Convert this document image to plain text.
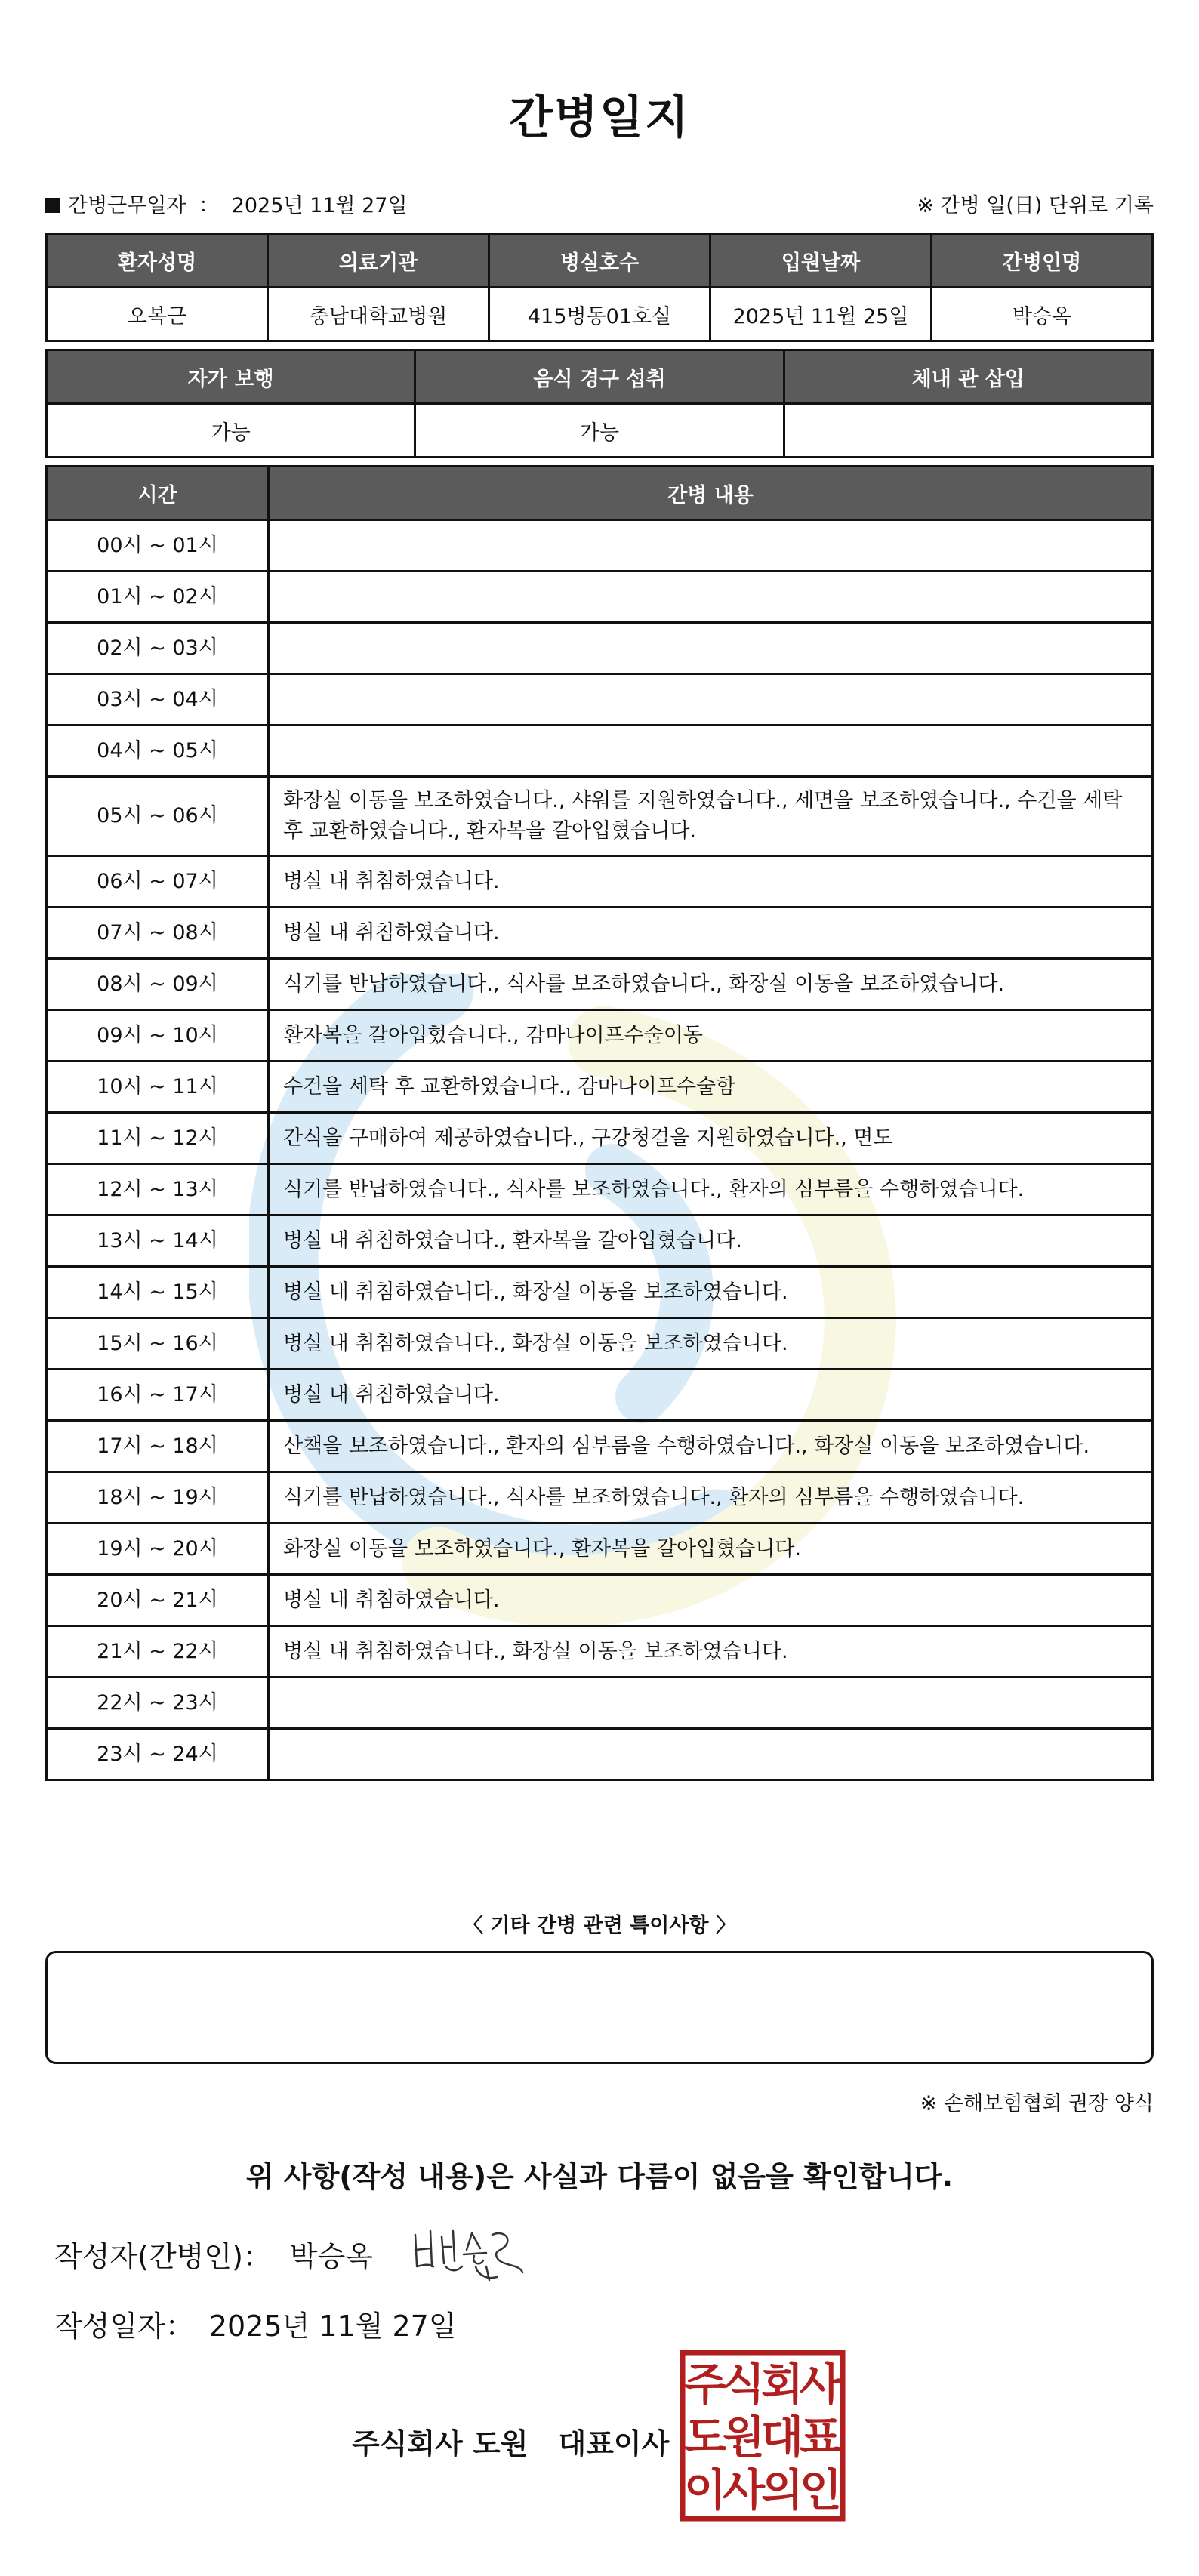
간병일지
간병근무일자 ： 2025년 11월 27일	※ 간병 일(日) 단위로 기록
환자성명	의료기관	병실호수	입원날짜	간병인명
오복근	충남대학교병원	415병동01호실	2025년 11월 25일	박승옥
자가 보행	음식 경구 섭취	체내 관 삽입
가능	가능	
시간	간병 내용
00시 ~ 01시	
01시 ~ 02시	
02시 ~ 03시	
03시 ~ 04시	
04시 ~ 05시	
05시 ~ 06시	화장실 이동을 보조하였습니다., 샤워를 지원하였습니다., 세면을 보조하였습니다., 수건을 세탁 후 교환하였습니다., 환자복을 갈아입혔습니다.
06시 ~ 07시	병실 내 취침하였습니다.
07시 ~ 08시	병실 내 취침하였습니다.
08시 ~ 09시	식기를 반납하였습니다., 식사를 보조하였습니다., 화장실 이동을 보조하였습니다.
09시 ~ 10시	환자복을 갈아입혔습니다., 감마나이프수술이동
10시 ~ 11시	수건을 세탁 후 교환하였습니다., 감마나이프수술함
11시 ~ 12시	간식을 구매하여 제공하였습니다., 구강청결을 지원하였습니다., 면도
12시 ~ 13시	식기를 반납하였습니다., 식사를 보조하였습니다., 환자의 심부름을 수행하였습니다.
13시 ~ 14시	병실 내 취침하였습니다., 환자복을 갈아입혔습니다.
14시 ~ 15시	병실 내 취침하였습니다., 화장실 이동을 보조하였습니다.
15시 ~ 16시	병실 내 취침하였습니다., 화장실 이동을 보조하였습니다.
16시 ~ 17시	병실 내 취침하였습니다.
17시 ~ 18시	산책을 보조하였습니다., 환자의 심부름을 수행하였습니다., 화장실 이동을 보조하였습니다.
18시 ~ 19시	식기를 반납하였습니다., 식사를 보조하였습니다., 환자의 심부름을 수행하였습니다.
19시 ~ 20시	화장실 이동을 보조하였습니다., 환자복을 갈아입혔습니다.
20시 ~ 21시	병실 내 취침하였습니다.
21시 ~ 22시	병실 내 취침하였습니다., 화장실 이동을 보조하였습니다.
22시 ~ 23시	
23시 ~ 24시	
〈 기타 간병 관련 특이사항 〉
※ 손해보험협회 권장 양식
위 사항(작성 내용)은 사실과 다름이 없음을 확인합니다.
작성자(간병인)： 박승옥
작성일자： 2025년 11월 27일
주식회사 도원 대표이사
주
식
회
사
도
원
대
표
이
사
의
인
